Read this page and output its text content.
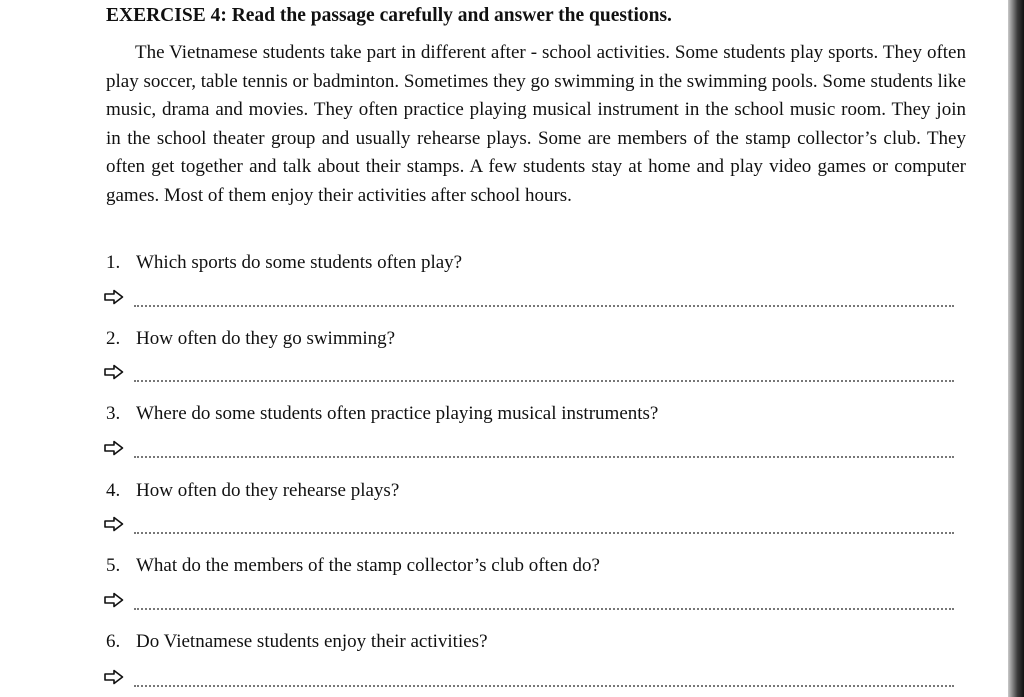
EXERCISE 4: Read the passage carefully and answer the questions.

The Vietnamese students take part in different after - school activities. Some students play sports. They often play soccer, table tennis or badminton. Sometimes they go swimming in the swimming pools. Some students like music, drama and movies. They often practice playing musical instrument in the school music room. They join in the school theater group and usually rehearse plays. Some are members of the stamp collector’s club. They often get together and talk about their stamps. A few students stay at home and play video games or computer games. Most of them enjoy their activities after school hours.

1. Which sports do some students often play?
2. How often do they go swimming?
3. Where do some students often practice playing musical instruments?
4. How often do they rehearse plays?
5. What do the members of the stamp collector’s club often do?
6. Do Vietnamese students enjoy their activities?
